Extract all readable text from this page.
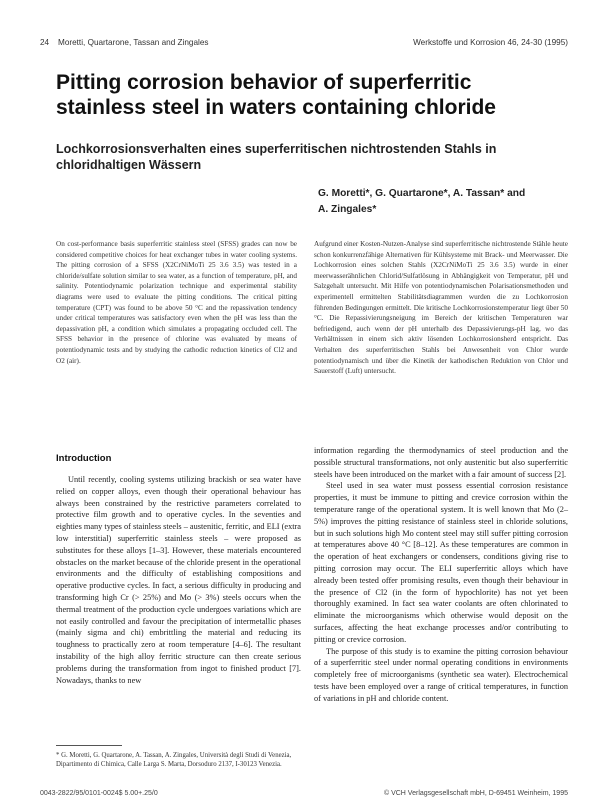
24 Moretti, Quartarone, Tassan and Zingales	Werkstoffe und Korrosion 46, 24-30 (1995)
Pitting corrosion behavior of superferritic stainless steel in waters containing chloride
Lochkorrosionsverhalten eines superferritischen nichtrostenden Stahls in chloridhaltigen Wässern
G. Moretti*, G. Quartarone*, A. Tassan* and
A. Zingales*
On cost-performance basis superferritic stainless steel (SFSS) grades can now be considered competitive choices for heat exchanger tubes in water cooling systems. The pitting corrosion of a SFSS (X2CrNiMoTi 25 3.6 3.5) was tested in a chloride/sulfate solution similar to sea water, as a function of temperature, pH, and salinity. Potentiodynamic polarization technique and experimental stability diagrams were used to evaluate the pitting conditions. The critical pitting temperature (CPT) was found to be above 50 °C and the repassivation tendency under critical temperatures was satisfactory even when the pH was less than the depassivation pH, a condition which simulates a propagating occluded cell. The SFSS behavior in the presence of chlorine was evaluated by means of potentiodynamic tests and by studying the cathodic reduction kinetics of Cl2 and O2 (air).
Aufgrund einer Kosten-Nutzen-Analyse sind superferritische nichtrostende Stähle heute schon konkurrenzfähige Alternativen für Kühlsysteme mit Brack- und Meerwasser. Die Lochkorrosion eines solchen Stahls (X2CrNiMoTi 25 3.6 3.5) wurde in einer meerwasserähnlichen Chlorid/Sulfatlösung in Abhängigkeit von Temperatur, pH und Salzgehalt untersucht. Mit Hilfe von potentiodynamischen Polarisationsmethoden und experimentell ermittelten Stabilitätsdiagrammen wurden die zu Lochkorrosion führenden Bedingungen ermittelt. Die kritische Lochkorrosionstemperatur liegt über 50 °C. Die Repassivierungsneigung im Bereich der kritischen Temperaturen war befriedigend, auch wenn der pH unterhalb des Depassivierungs-pH lag, wo das Verhältnissen in einem sich aktiv lösenden Lochkorrosionsherd entspricht. Das Verhalten des superferritischen Stahls bei Anwesenheit von Chlor wurde potentiodynamisch und über die Kinetik der kathodischen Reduktion von Chlor und Sauerstoff (Luft) untersucht.
Introduction

Until recently, cooling systems utilizing brackish or sea water have relied on copper alloys, even though their operational behaviour has always been constrained by the restrictive parameters correlated to protective film growth and to operative cycles. In the seventies and eighties many types of stainless steels – austenitic, ferritic, and ELI (extra low interstitial) superferritic stainless steels – were proposed as substitutes for these alloys [1–3]. However, these materials encountered obstacles on the market because of the chloride present in the operational environments and the difficulty of establishing compositions and operative productive cycles. In fact, a serious difficulty in producing and transforming high Cr (> 25%) and Mo (> 3%) steels occurs when the thermal treatment of the production cycle undergoes variations which are not easily controlled and favour the precipitation of intermetallic phases (mainly sigma and chi) embrittling the material and reducing its toughness to practically zero at room temperature [4–6]. The resultant instability of the high alloy ferritic structure can then create serious problems during the transformation from ingot to finished product [7]. Nowadays, thanks to new

information regarding the thermodynamics of steel production and the possible structural transformations, not only austenitic but also superferritic steels have been introduced on the market with a fair amount of success [2].

Steel used in sea water must possess essential corrosion resistance properties, it must be immune to pitting and crevice corrosion within the temperature range of the operational system. It is well known that Mo (2–5%) improves the pitting resistance of stainless steel in chloride solutions, but in such solutions high Mo content steel may still suffer pitting corrosion at temperatures above 40 °C [8–12]. As these temperatures are common in the operation of heat exchangers or condensers, conditions giving rise to pitting corrosion may occur. The ELI superferritic alloys which have already been tested offer promising results, even though their behaviour in the presence of Cl2 (in the form of hypochlorite) has not yet been thoroughly examined. In fact sea water coolants are often chlorinated to eliminate the microorganisms which otherwise would deposit on the surfaces, affecting the heat exchange processes and/or contributing to pitting or crevice corrosion.

The purpose of this study is to examine the pitting corrosion behaviour of a superferritic steel under normal operating conditions in environments completely free of microorganisms (synthetic sea water). Electrochemical tests have been employed over a range of critical temperatures, in function of variations in pH and chloride content.

* G. Moretti, G. Quartarone, A. Tassan, A. Zingales, Università degli Studi di Venezia, Dipartimento di Chimica, Calle Larga S. Marta, Dorsoduro 2137, I-30123 Venezia.
0043-2822/95/0101-0024$ 5.00+.25/0	© VCH Verlagsgesellschaft mbH, D-69451 Weinheim, 1995
